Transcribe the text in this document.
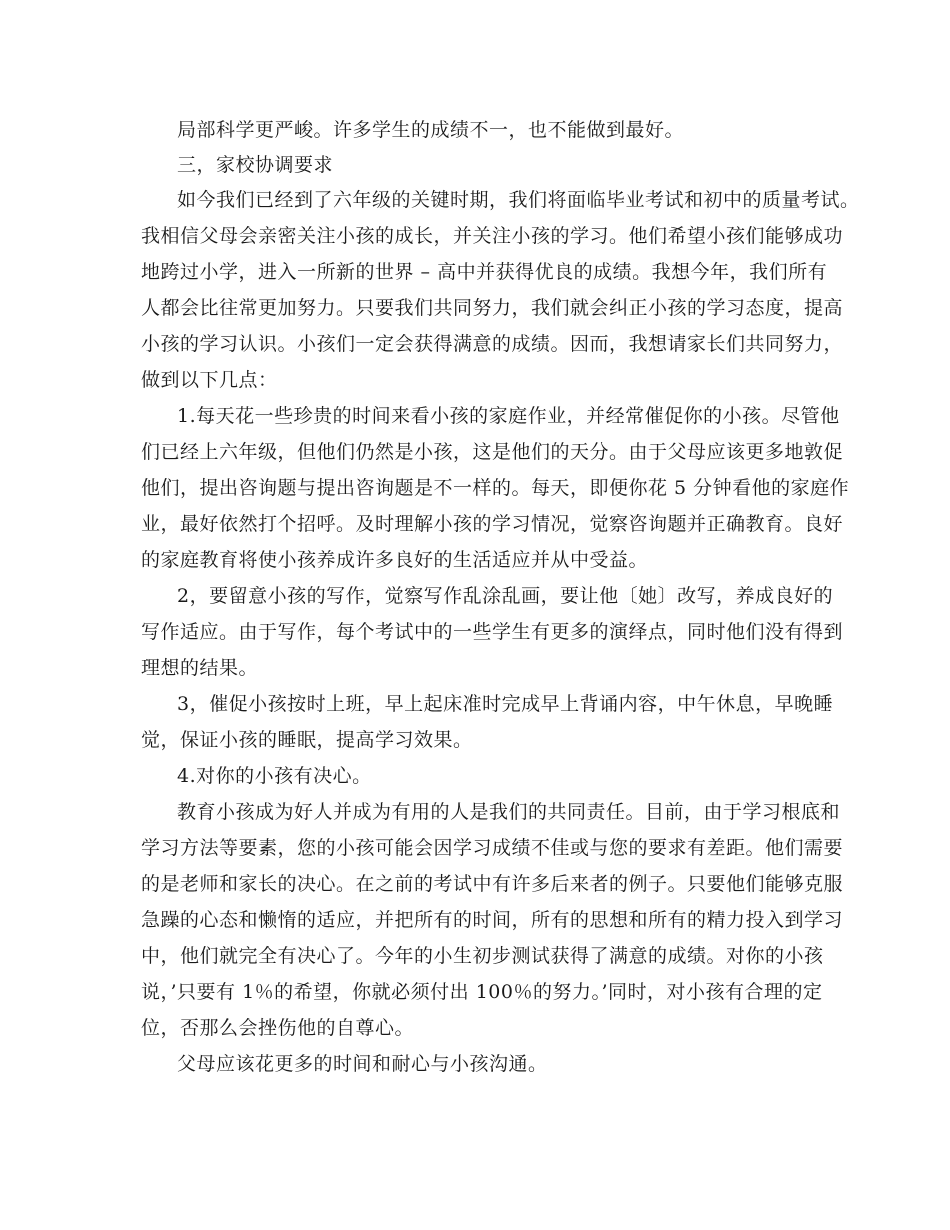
局部科学更严峻。许多学生的成绩不一，也不能做到最好。
三，家校协调要求
如今我们已经到了六年级的关键时期，我们将面临毕业考试和初中的质量考试。
我相信父母会亲密关注小孩的成长，并关注小孩的学习。他们希望小孩们能够成功
地跨过小学，进入一所新的世界 – 高中并获得优良的成绩。我想今年，我们所有
人都会比往常更加努力。只要我们共同努力，我们就会纠正小孩的学习态度，提高
小孩的学习认识。小孩们一定会获得满意的成绩。因而，我想请家长们共同努力，
做到以下几点：
1.每天花一些珍贵的时间来看小孩的家庭作业，并经常催促你的小孩。尽管他
们已经上六年级，但他们仍然是小孩，这是他们的天分。由于父母应该更多地敦促
他们，提出咨询题与提出咨询题是不一样的。每天，即便你花 5 分钟看他的家庭作
业，最好依然打个招呼。及时理解小孩的学习情况，觉察咨询题并正确教育。良好
的家庭教育将使小孩养成许多良好的生活适应并从中受益。
2，要留意小孩的写作，觉察写作乱涂乱画，要让他〔她〕改写，养成良好的
写作适应。由于写作，每个考试中的一些学生有更多的演绎点，同时他们没有得到
理想的结果。
3，催促小孩按时上班，早上起床准时完成早上背诵内容，中午休息，早晚睡
觉，保证小孩的睡眠，提高学习效果。
4.对你的小孩有决心。
教育小孩成为好人并成为有用的人是我们的共同责任。目前，由于学习根底和
学习方法等要素，您的小孩可能会因学习成绩不佳或与您的要求有差距。他们需要
的是老师和家长的决心。在之前的考试中有许多后来者的例子。只要他们能够克服
急躁的心态和懒惰的适应，并把所有的时间，所有的思想和所有的精力投入到学习
中，他们就完全有决心了。今年的小生初步测试获得了满意的成绩。对你的小孩
说，’只要有 1％的希望，你就必须付出 100％的努力。’同时，对小孩有合理的定
位，否那么会挫伤他的自尊心。
父母应该花更多的时间和耐心与小孩沟通。
